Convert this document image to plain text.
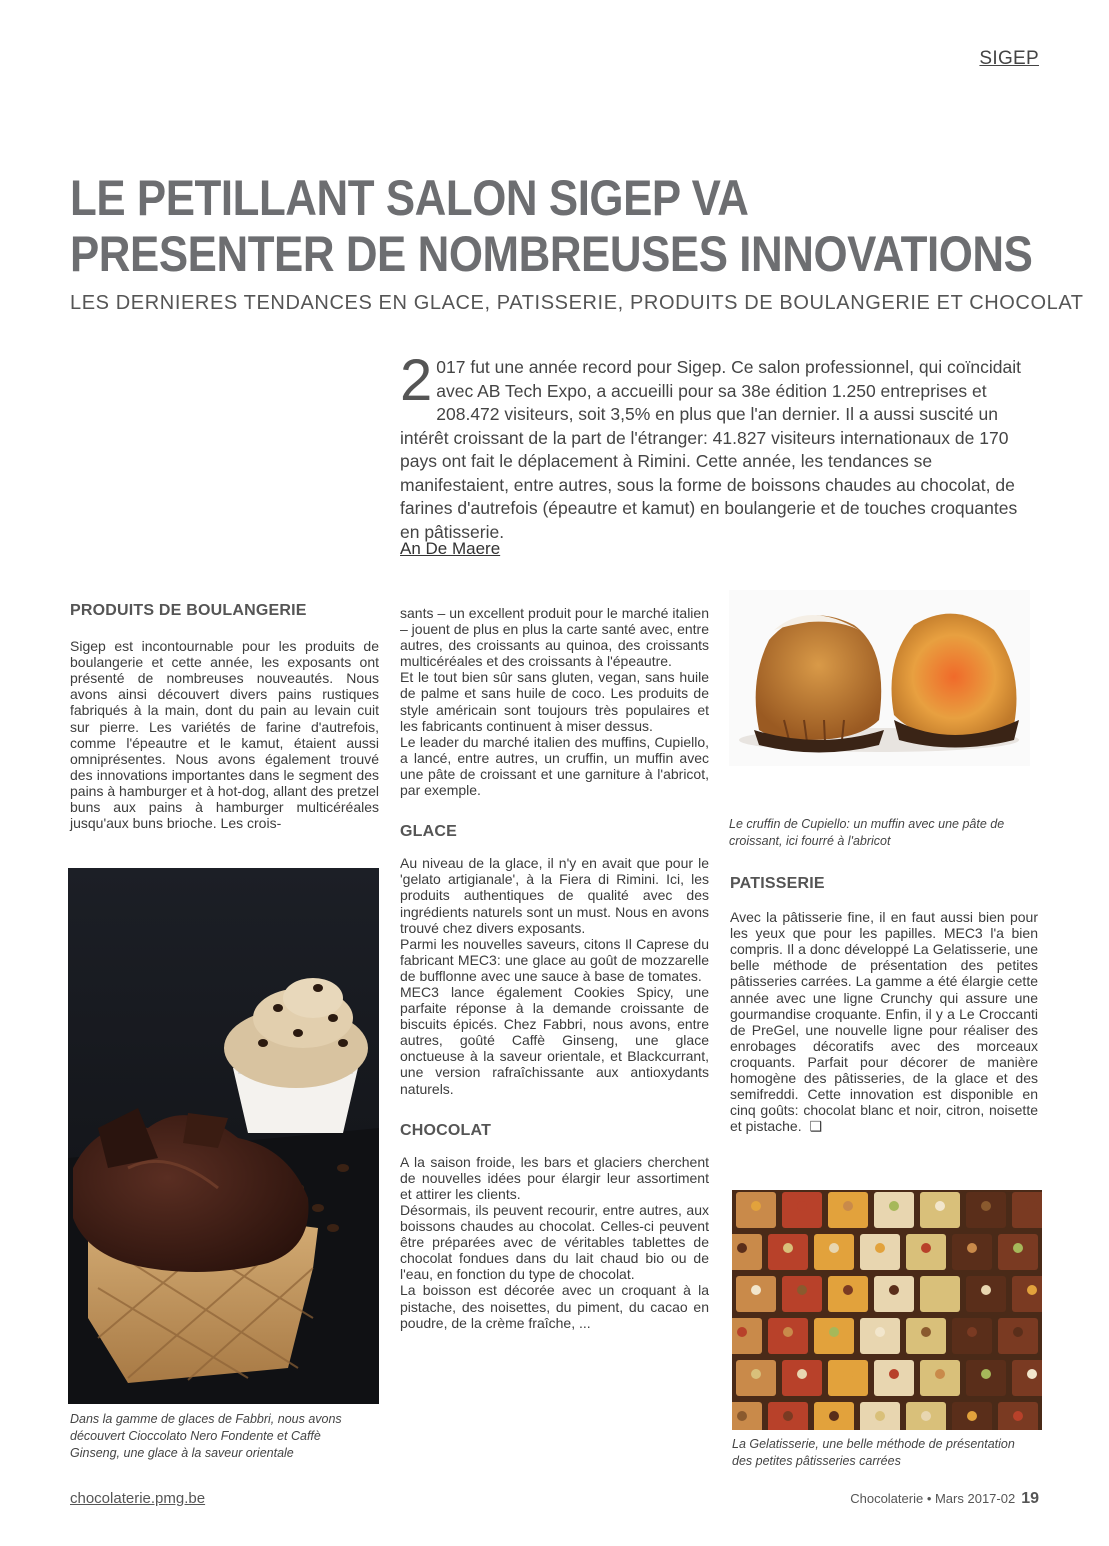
SIGEP
LE PETILLANT SALON SIGEP VA
PRESENTER DE NOMBREUSES INNOVATIONS
LES DERNIERES TENDANCES EN GLACE, PATISSERIE, PRODUITS DE BOULANGERIE ET CHOCOLAT
2 017 fut une année record pour Sigep. Ce salon professionnel, qui coïncidait avec AB Tech Expo, a accueilli pour sa 38e édition 1.250 entreprises et 208.472 visiteurs, soit 3,5% en plus que l'an dernier. Il a aussi suscité un intérêt croissant de la part de l'étranger: 41.827 visiteurs internationaux de 170 pays ont fait le déplacement à Rimini. Cette année, les tendances se manifestaient, entre autres, sous la forme de boissons chaudes au chocolat, de farines d'autrefois (épeautre et kamut) en boulangerie et de touches croquantes en pâtisserie.
An De Maere
PRODUITS DE BOULANGERIE

Sigep est incontournable pour les produits de boulangerie et cette année, les exposants ont présenté de nombreuses nouveautés. Nous avons ainsi découvert divers pains rustiques fabriqués à la main, dont du pain au levain cuit sur pierre. Les variétés de farine d'autrefois, comme l'épeautre et le kamut, étaient aussi omniprésentes. Nous avons également trouvé des innovations importantes dans le segment des pains à hamburger et à hot-dog, allant des pretzel buns aux pains à hamburger multicéréales jusqu'aux buns brioche. Les crois-

Dans la gamme de glaces de Fabbri, nous avons découvert Cioccolato Nero Fondente et Caffè Ginseng, une glace à la saveur orientale

sants – un excellent produit pour le marché italien – jouent de plus en plus la carte santé avec, entre autres, des croissants au quinoa, des croissants multicéréales et des croissants à l'épeautre.

Et le tout bien sûr sans gluten, vegan, sans huile de palme et sans huile de coco. Les produits de style américain sont toujours très populaires et les fabricants continuent à miser dessus.

Le leader du marché italien des muffins, Cupiello, a lancé, entre autres, un cruffin, un muffin avec une pâte de croissant et une garniture à l'abricot, par exemple.

GLACE

Au niveau de la glace, il n'y en avait que pour le 'gelato artigianale', à la Fiera di Rimini. Ici, les produits authentiques de qualité avec des ingrédients naturels sont un must. Nous en avons trouvé chez divers exposants.

Parmi les nouvelles saveurs, citons Il Caprese du fabricant MEC3: une glace au goût de mozzarelle de bufflonne avec une sauce à base de tomates.

MEC3 lance également Cookies Spicy, une parfaite réponse à la demande croissante de biscuits épicés. Chez Fabbri, nous avons, entre autres, goûté Caffè Ginseng, une glace onctueuse à la saveur orientale, et Blackcurrant, une version rafraîchissante aux antioxydants naturels.

CHOCOLAT

A la saison froide, les bars et glaciers cherchent de nouvelles idées pour élargir leur assortiment et attirer les clients.

Désormais, ils peuvent recourir, entre autres, aux boissons chaudes au chocolat. Celles-ci peuvent être préparées avec de véritables tablettes de chocolat fondues dans du lait chaud bio ou de l'eau, en fonction du type de chocolat.

La boisson est décorée avec un croquant à la pistache, des noisettes, du piment, du cacao en poudre, de la crème fraîche, ...

Le cruffin de Cupiello: un muffin avec une pâte de croissant, ici fourré à l'abricot
PATISSERIE

Avec la pâtisserie fine, il en faut aussi bien pour les yeux que pour les papilles. MEC3 l'a bien compris. Il a donc développé La Gelatisserie, une belle méthode de présentation des petites pâtisseries carrées. La gamme a été élargie cette année avec une ligne Crunchy qui assure une gourmandise croquante. Enfin, il y a Le Croccanti de PreGel, une nouvelle ligne pour réaliser des enrobages décoratifs avec des morceaux croquants. Parfait pour décorer de manière homogène des pâtisseries, de la glace et des semifreddi. Cette innovation est disponible en cinq goûts: chocolat blanc et noir, citron, noisette et pistache. ❑

La Gelatisserie, une belle méthode de présentation des petites pâtisseries carrées
chocolaterie.pmg.be	Chocolaterie • Mars 2017-02 19
